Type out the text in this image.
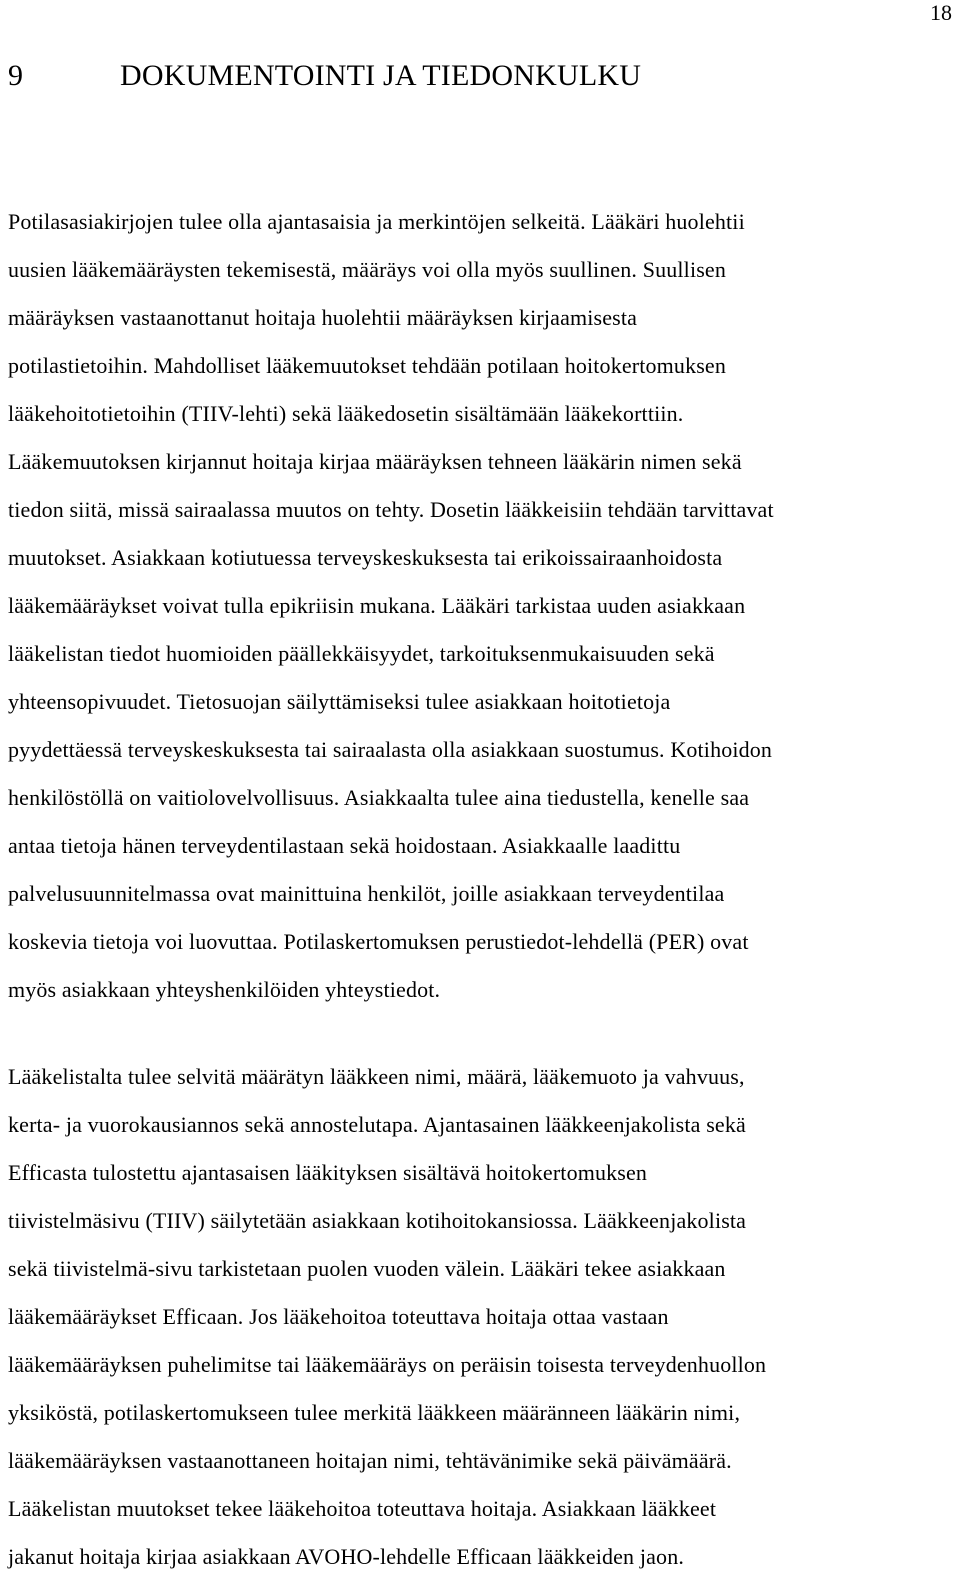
18
9	DOKUMENTOINTI JA TIEDONKULKU
Potilasasiakirjojen tulee olla ajantasaisia ja merkintöjen selkeitä. Lääkäri huolehtii
uusien lääkemääräysten tekemisestä, määräys voi olla myös suullinen. Suullisen
määräyksen vastaanottanut hoitaja huolehtii määräyksen kirjaamisesta
potilastietoihin. Mahdolliset lääkemuutokset tehdään potilaan hoitokertomuksen
lääkehoitotietoihin (TIIV-lehti) sekä lääkedosetin sisältämään lääkekorttiin.
Lääkemuutoksen kirjannut hoitaja kirjaa määräyksen tehneen lääkärin nimen sekä
tiedon siitä, missä sairaalassa muutos on tehty. Dosetin lääkkeisiin tehdään tarvittavat
muutokset. Asiakkaan kotiutuessa terveyskeskuksesta tai erikoissairaanhoidosta
lääkemääräykset voivat tulla epikriisin mukana. Lääkäri tarkistaa uuden asiakkaan
lääkelistan tiedot huomioiden päällekkäisyydet, tarkoituksenmukaisuuden sekä
yhteensopivuudet. Tietosuojan säilyttämiseksi tulee asiakkaan hoitotietoja
pyydettäessä terveyskeskuksesta tai sairaalasta olla asiakkaan suostumus. Kotihoidon
henkilöstöllä on vaitiolovelvollisuus. Asiakkaalta tulee aina tiedustella, kenelle saa
antaa tietoja hänen terveydentilastaan sekä hoidostaan. Asiakkaalle laadittu
palvelusuunnitelmassa ovat mainittuina henkilöt, joille asiakkaan terveydentilaa
koskevia tietoja voi luovuttaa. Potilaskertomuksen perustiedot-lehdellä (PER) ovat
myös asiakkaan yhteyshenkilöiden yhteystiedot.
Lääkelistalta tulee selvitä määrätyn lääkkeen nimi, määrä, lääkemuoto ja vahvuus,
kerta- ja vuorokausiannos sekä annostelutapa. Ajantasainen lääkkeenjakolista sekä
Efficasta tulostettu ajantasaisen lääkityksen sisältävä hoitokertomuksen
tiivistelmäsivu (TIIV) säilytetään asiakkaan kotihoitokansiossa. Lääkkeenjakolista
sekä tiivistelmä-sivu tarkistetaan puolen vuoden välein. Lääkäri tekee asiakkaan
lääkemääräykset Efficaan. Jos lääkehoitoa toteuttava hoitaja ottaa vastaan
lääkemääräyksen puhelimitse tai lääkemääräys on peräisin toisesta terveydenhuollon
yksiköstä, potilaskertomukseen tulee merkitä lääkkeen määränneen lääkärin nimi,
lääkemääräyksen vastaanottaneen hoitajan nimi, tehtävänimike sekä päivämäärä.
Lääkelistan muutokset tekee lääkehoitoa toteuttava hoitaja. Asiakkaan lääkkeet
jakanut hoitaja kirjaa asiakkaan AVOHO-lehdelle Efficaan lääkkeiden jaon.
